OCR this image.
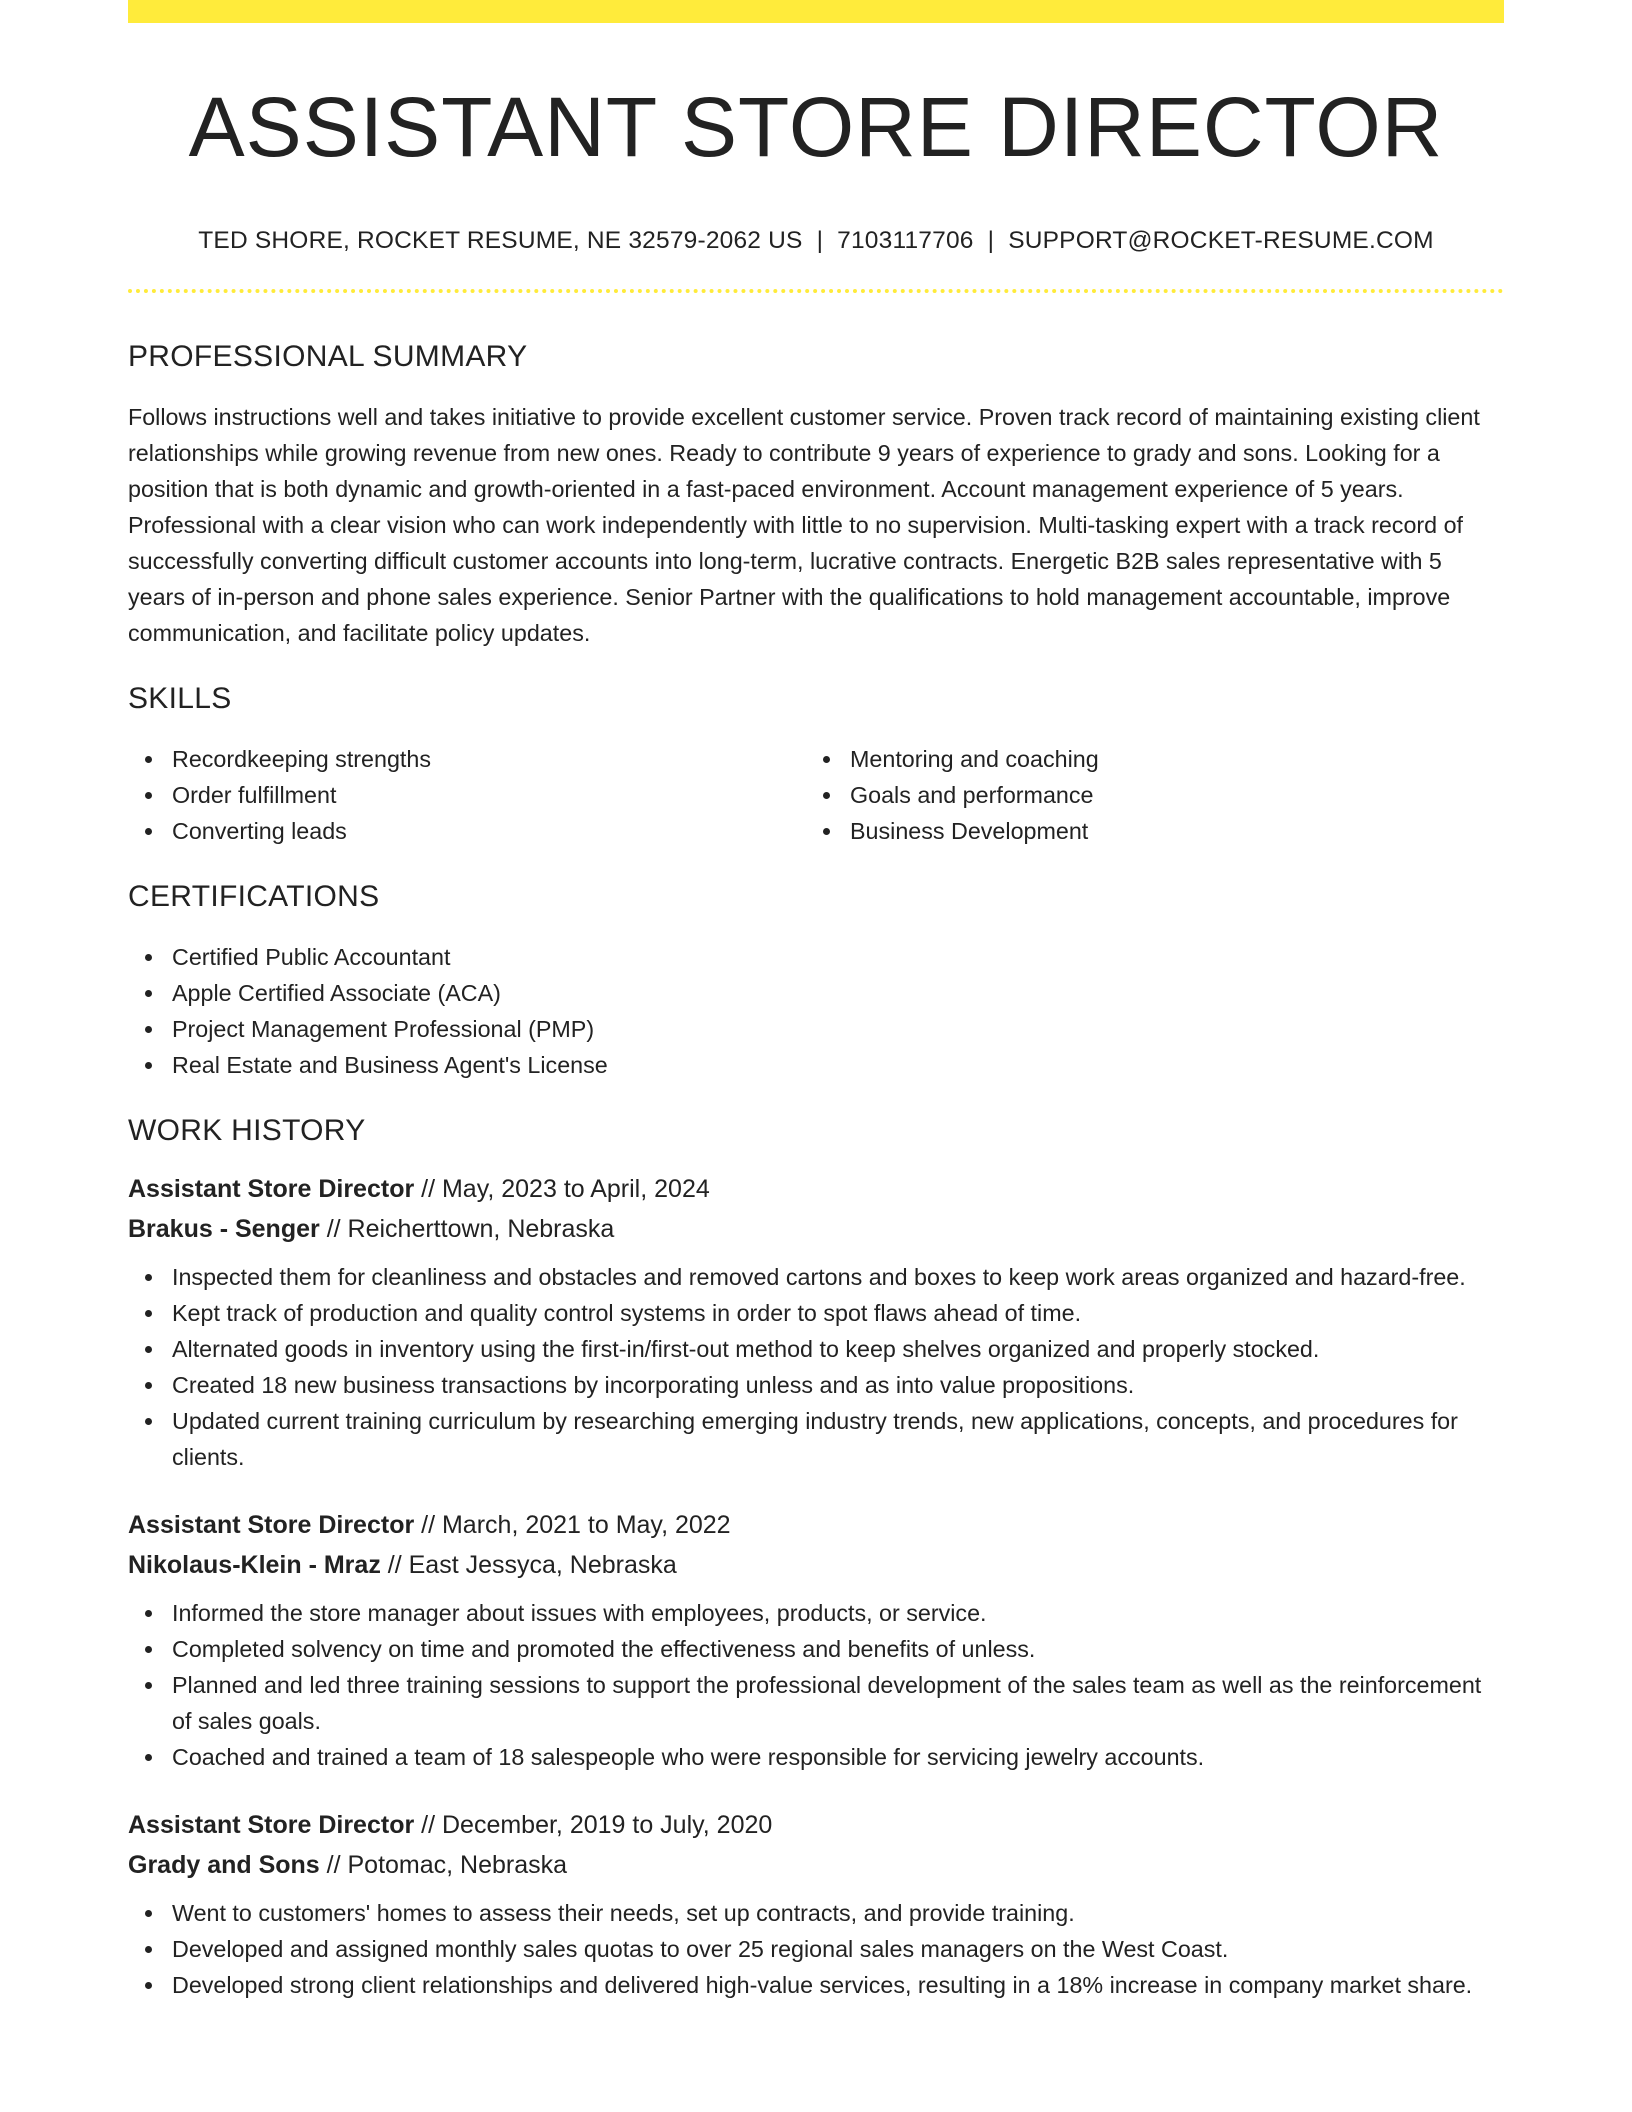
ASSISTANT STORE DIRECTOR
TED SHORE, ROCKET RESUME, NE 32579-2062 US | 7103117706 | SUPPORT@ROCKET-RESUME.COM
PROFESSIONAL SUMMARY
Follows instructions well and takes initiative to provide excellent customer service. Proven track record of maintaining existing client relationships while growing revenue from new ones. Ready to contribute 9 years of experience to grady and sons. Looking for a position that is both dynamic and growth-oriented in a fast-paced environment. Account management experience of 5 years. Professional with a clear vision who can work independently with little to no supervision. Multi-tasking expert with a track record of successfully converting difficult customer accounts into long-term, lucrative contracts. Energetic B2B sales representative with 5 years of in-person and phone sales experience. Senior Partner with the qualifications to hold management accountable, improve communication, and facilitate policy updates.
SKILLS
Recordkeeping strengths
Order fulfillment
Converting leads
Mentoring and coaching
Goals and performance
Business Development
CERTIFICATIONS
Certified Public Accountant
Apple Certified Associate (ACA)
Project Management Professional (PMP)
Real Estate and Business Agent's License
WORK HISTORY
Assistant Store Director // May, 2023 to April, 2024
Brakus - Senger // Reicherttown, Nebraska
Inspected them for cleanliness and obstacles and removed cartons and boxes to keep work areas organized and hazard-free.
Kept track of production and quality control systems in order to spot flaws ahead of time.
Alternated goods in inventory using the first-in/first-out method to keep shelves organized and properly stocked.
Created 18 new business transactions by incorporating unless and as into value propositions.
Updated current training curriculum by researching emerging industry trends, new applications, concepts, and procedures for clients.
Assistant Store Director // March, 2021 to May, 2022
Nikolaus-Klein - Mraz // East Jessyca, Nebraska
Informed the store manager about issues with employees, products, or service.
Completed solvency on time and promoted the effectiveness and benefits of unless.
Planned and led three training sessions to support the professional development of the sales team as well as the reinforcement of sales goals.
Coached and trained a team of 18 salespeople who were responsible for servicing jewelry accounts.
Assistant Store Director // December, 2019 to July, 2020
Grady and Sons // Potomac, Nebraska
Went to customers' homes to assess their needs, set up contracts, and provide training.
Developed and assigned monthly sales quotas to over 25 regional sales managers on the West Coast.
Developed strong client relationships and delivered high-value services, resulting in a 18% increase in company market share.
